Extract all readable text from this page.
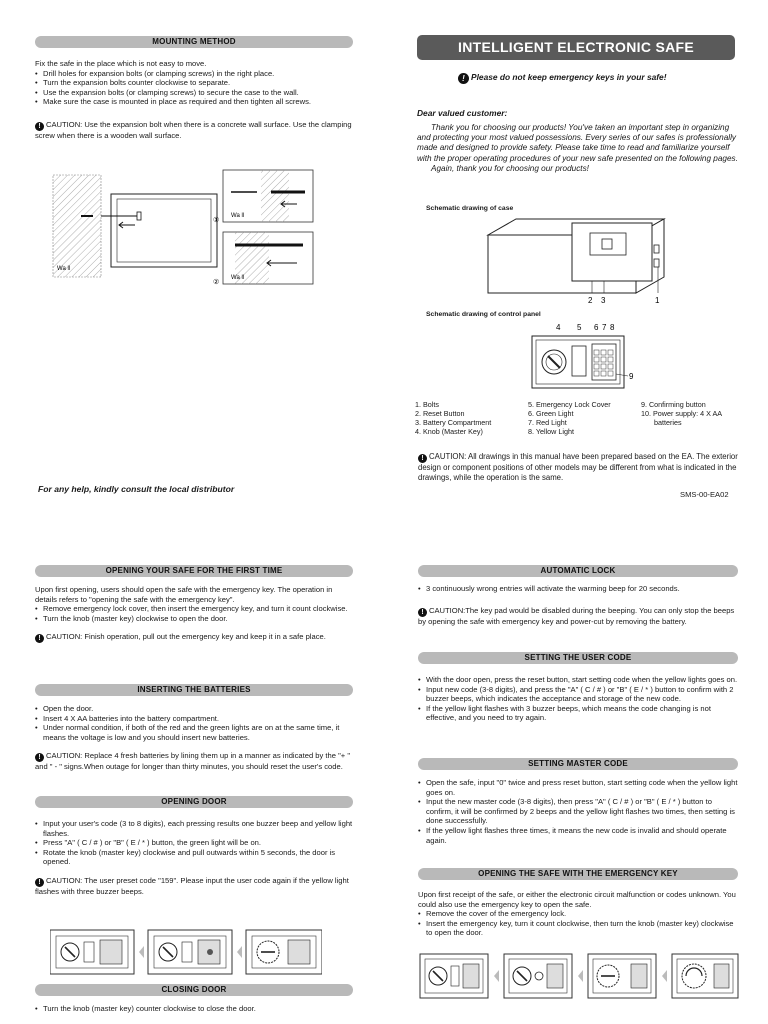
MOUNTING METHOD

Fix the safe in the place which is not easy to move.

• Drill holes for expansion bolts (or clamping screws) in the right place.
• Turn the expansion bolts counter clockwise to separate.
• Use the expansion bolts (or clamping screws) to secure the case to the wall.
• Make sure the case is mounted in place as required and then tighten all screws.

! CAUTION: Use the expansion bolt when there is a concrete wall surface. Use the clamping screw when there is a wooden wall surface.

Wa ll
Wa ll
①
Wa ll
②
For any help, kindly consult the local distributor
INTELLIGENT ELECTRONIC SAFE
! Please do not keep emergency keys in your safe!
Dear valued customer:

Thank you for choosing our products! You've taken an important step in organizing and protecting your most valued possessions. Every series of our safes is professionally made and designed to provide safety. Please take time to read and familiarize yourself with the proper operating procedures of your new safe presented on the following pages.

Again, thank you for choosing our products!

Schematic drawing of case
2 3	1
Schematic drawing of control panel
4 5 6 7 8
9
1. Bolts
2. Reset Button
3. Battery Compartment
4. Knob (Master Key)
5. Emergency Lock Cover
6. Green Light
7. Red Light
8. Yellow Light
9. Confirming button
10. Power supply: 4 X AA
batteries

! CAUTION: All drawings in this manual have been prepared based on the EA. The exterior design or component positions of other models may be different from what is indicated in the drawings, while the operation is the same.

SMS-00-EA02
OPENING YOUR SAFE FOR THE FIRST TIME

Upon first opening, users should open the safe with the emergency key. The operation in details refers to "opening the safe with the emergency key".

• Remove emergency lock cover, then insert the emergency key, and turn it count clockwise.
• Turn the knob (master key) clockwise to open the door.

! CAUTION: Finish operation, pull out the emergency key and keep it in a safe place.

INSERTING THE BATTERIES
• Open the door.
• Insert 4 X AA batteries into the battery compartment.
• Under normal condition, if both of the red and the green lights are on at the same time, it means the voltage is low and you should insert new batteries.

! CAUTION: Replace 4 fresh batteries by lining them up in a manner as indicated by the "+ " and " - " signs.When outage for longer than thirty minutes, you should reset the user's code.

OPENING DOOR
• Input your user's code (3 to 8 digits), each pressing results one buzzer beep and yellow light flashes.
• Press "A" ( C / # ) or "B" ( E / * ) button, the green light will be on.
• Rotate the knob (master key) clockwise and pull outwards within 5 seconds, the door is opened.

! CAUTION: The user preset code "159". Please input the user code again if the yellow light flashes with three buzzer beeps.

CLOSING DOOR
• Turn the knob (master key) counter clockwise to close the door.
AUTOMATIC LOCK
• 3 continuously wrong entries will activate the warming beep for 20 seconds.

! CAUTION:The key pad would be disabled during the beeping. You can only stop the beeps by opening the safe with emergency key and power-cut by removing the battery.

SETTING THE USER CODE
• With the door open, press the reset button, start setting code when the yellow lights goes on.
• Input new code (3-8 digits), and press the "A" ( C / # ) or "B" ( E / * ) button to confirm with 2 buzzer beeps, which indicates the acceptance and storage of the new code.
• If the yellow light flashes with 3 buzzer beeps, which means the code changing is not effective, and you need to try again.
SETTING MASTER CODE
• Open the safe, input "0" twice and press reset button, start setting code when the yellow light goes on.
• Input the new master code (3-8 digits), then press "A" ( C / # ) or "B" ( E / * ) button to confirm, it will be confirmed by 2 beeps and the yellow light flashes two times, then setting is done successfully.
• If the yellow light flashes three times, it means the new code is invalid and should operate again.
OPENING THE SAFE WITH THE EMERGENCY KEY

Upon first receipt of the safe, or either the electronic circuit malfunction or codes unknown. You could also use the emergency key to open the safe.

• Remove the cover of the emergency lock.
• Insert the emergency key, turn it count clockwise, then turn the knob (master key) clockwise to open the door.
